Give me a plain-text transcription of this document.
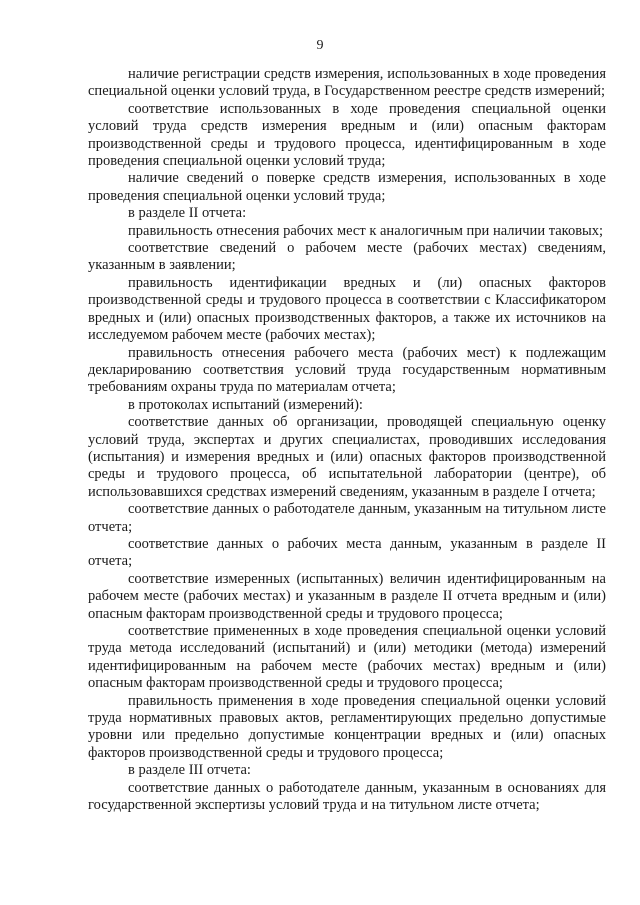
9

наличие регистрации средств измерения, использованных в ходе проведения специальной оценки условий труда, в Государственном реестре средств измерений;

соответствие использованных в ходе проведения специальной оценки условий труда средств измерения вредным и (или) опасным факторам производственной среды и трудового процесса, идентифицированным в ходе проведения специальной оценки условий труда;

наличие сведений о поверке средств измерения, использованных в ходе проведения специальной оценки условий труда;

в разделе II отчета:

правильность отнесения рабочих мест к аналогичным при наличии таковых;

соответствие сведений о рабочем месте (рабочих местах) сведениям, указанным в заявлении;

правильность идентификации вредных и (ли) опасных факторов производственной среды и трудового процесса в соответствии с Классификатором вредных и (или) опасных производственных факторов, а также их источников на исследуемом рабочем месте (рабочих местах);

правильность отнесения рабочего места (рабочих мест) к подлежащим декларированию соответствия условий труда государственным нормативным требованиям охраны труда по материалам отчета;

в протоколах испытаний (измерений):

соответствие данных об организации, проводящей специальную оценку условий труда, экспертах и других специалистах, проводивших исследования (испытания) и измерения вредных и (или) опасных факторов производственной среды и трудового процесса, об испытательной лаборатории (центре), об использовавшихся средствах измерений сведениям, указанным в разделе I отчета;

соответствие данных о работодателе данным, указанным на титульном листе отчета;

соответствие данных о рабочих места данным, указанным в разделе II отчета;

соответствие измеренных (испытанных) величин идентифицированным на рабочем месте (рабочих местах) и указанным в разделе II отчета вредным и (или) опасным факторам производственной среды и трудового процесса;

соответствие примененных в ходе проведения специальной оценки условий труда метода исследований (испытаний) и (или) методики (метода) измерений идентифицированным на рабочем месте (рабочих местах) вредным и (или) опасным факторам производственной среды и трудового процесса;

правильность применения в ходе проведения специальной оценки условий труда нормативных правовых актов, регламентирующих предельно допустимые уровни или предельно допустимые концентрации вредных и (или) опасных факторов производственной среды и трудового процесса;

в разделе III отчета:

соответствие данных о работодателе данным, указанным в основаниях для государственной экспертизы условий труда и на титульном листе отчета;
